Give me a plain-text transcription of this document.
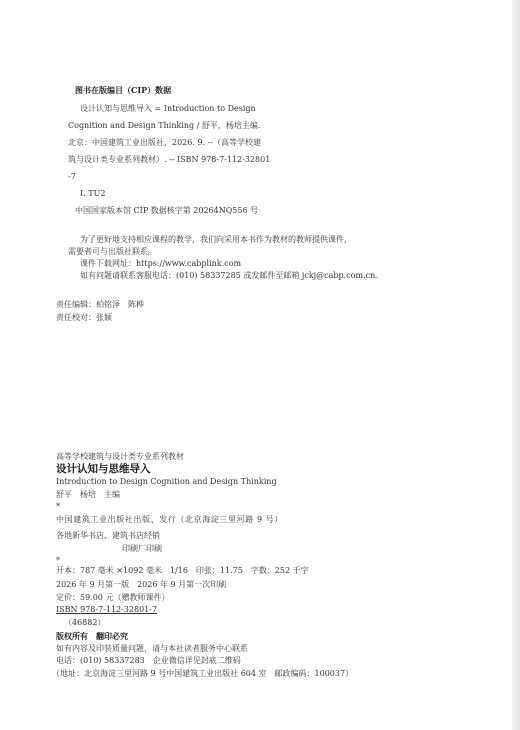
图书在版编目（CIP）数据
设计认知与思维导入 = Introduction to Design
Cognition and Design Thinking / 舒平，杨培主编．
北京：中国建筑工业出版社，2026. 9. --（高等学校建
筑与设计类专业系列教材）. -- ISBN 978-7-112-32801
-7
Ⅰ. TU2
中国国家版本馆 CIP 数据核字第 20264NQ556 号
为了更好地支持相应课程的教学，我们向采用本书作为教材的教师提供课件，
需要者可与出版社联系。
课件下载网址：https://www.cabplink.com
如有问题请联系客服电话：(010) 58337285 或发邮件至邮箱 jckj@cabp.com.cn。
责任编辑：柏铭泽　陈桦
责任校对：张颖
高等学校建筑与设计类专业系列教材
设计认知与思维导入
Introduction to Design Cognition and Design Thinking
舒平　杨培　主编
*
中国建筑工业出版社出版、发行（北京海淀三里河路 9 号）
各地新华书店、建筑书店经销
印刷厂印刷
*
开本：787 毫米 ×1092 毫米　1/16　印张：11.75　字数：252 千字
2026 年 9 月第一版　2026 年 9 月第一次印刷
定价：59.00 元（赠教师课件）
ISBN 978-7-112-32801-7
（46882）
版权所有　翻印必究
如有内容及印装质量问题，请与本社读者服务中心联系
电话：(010) 58337283　企业微信详见封底二维码
（地址：北京海淀三里河路 9 号中国建筑工业出版社 604 室　邮政编码：100037）
